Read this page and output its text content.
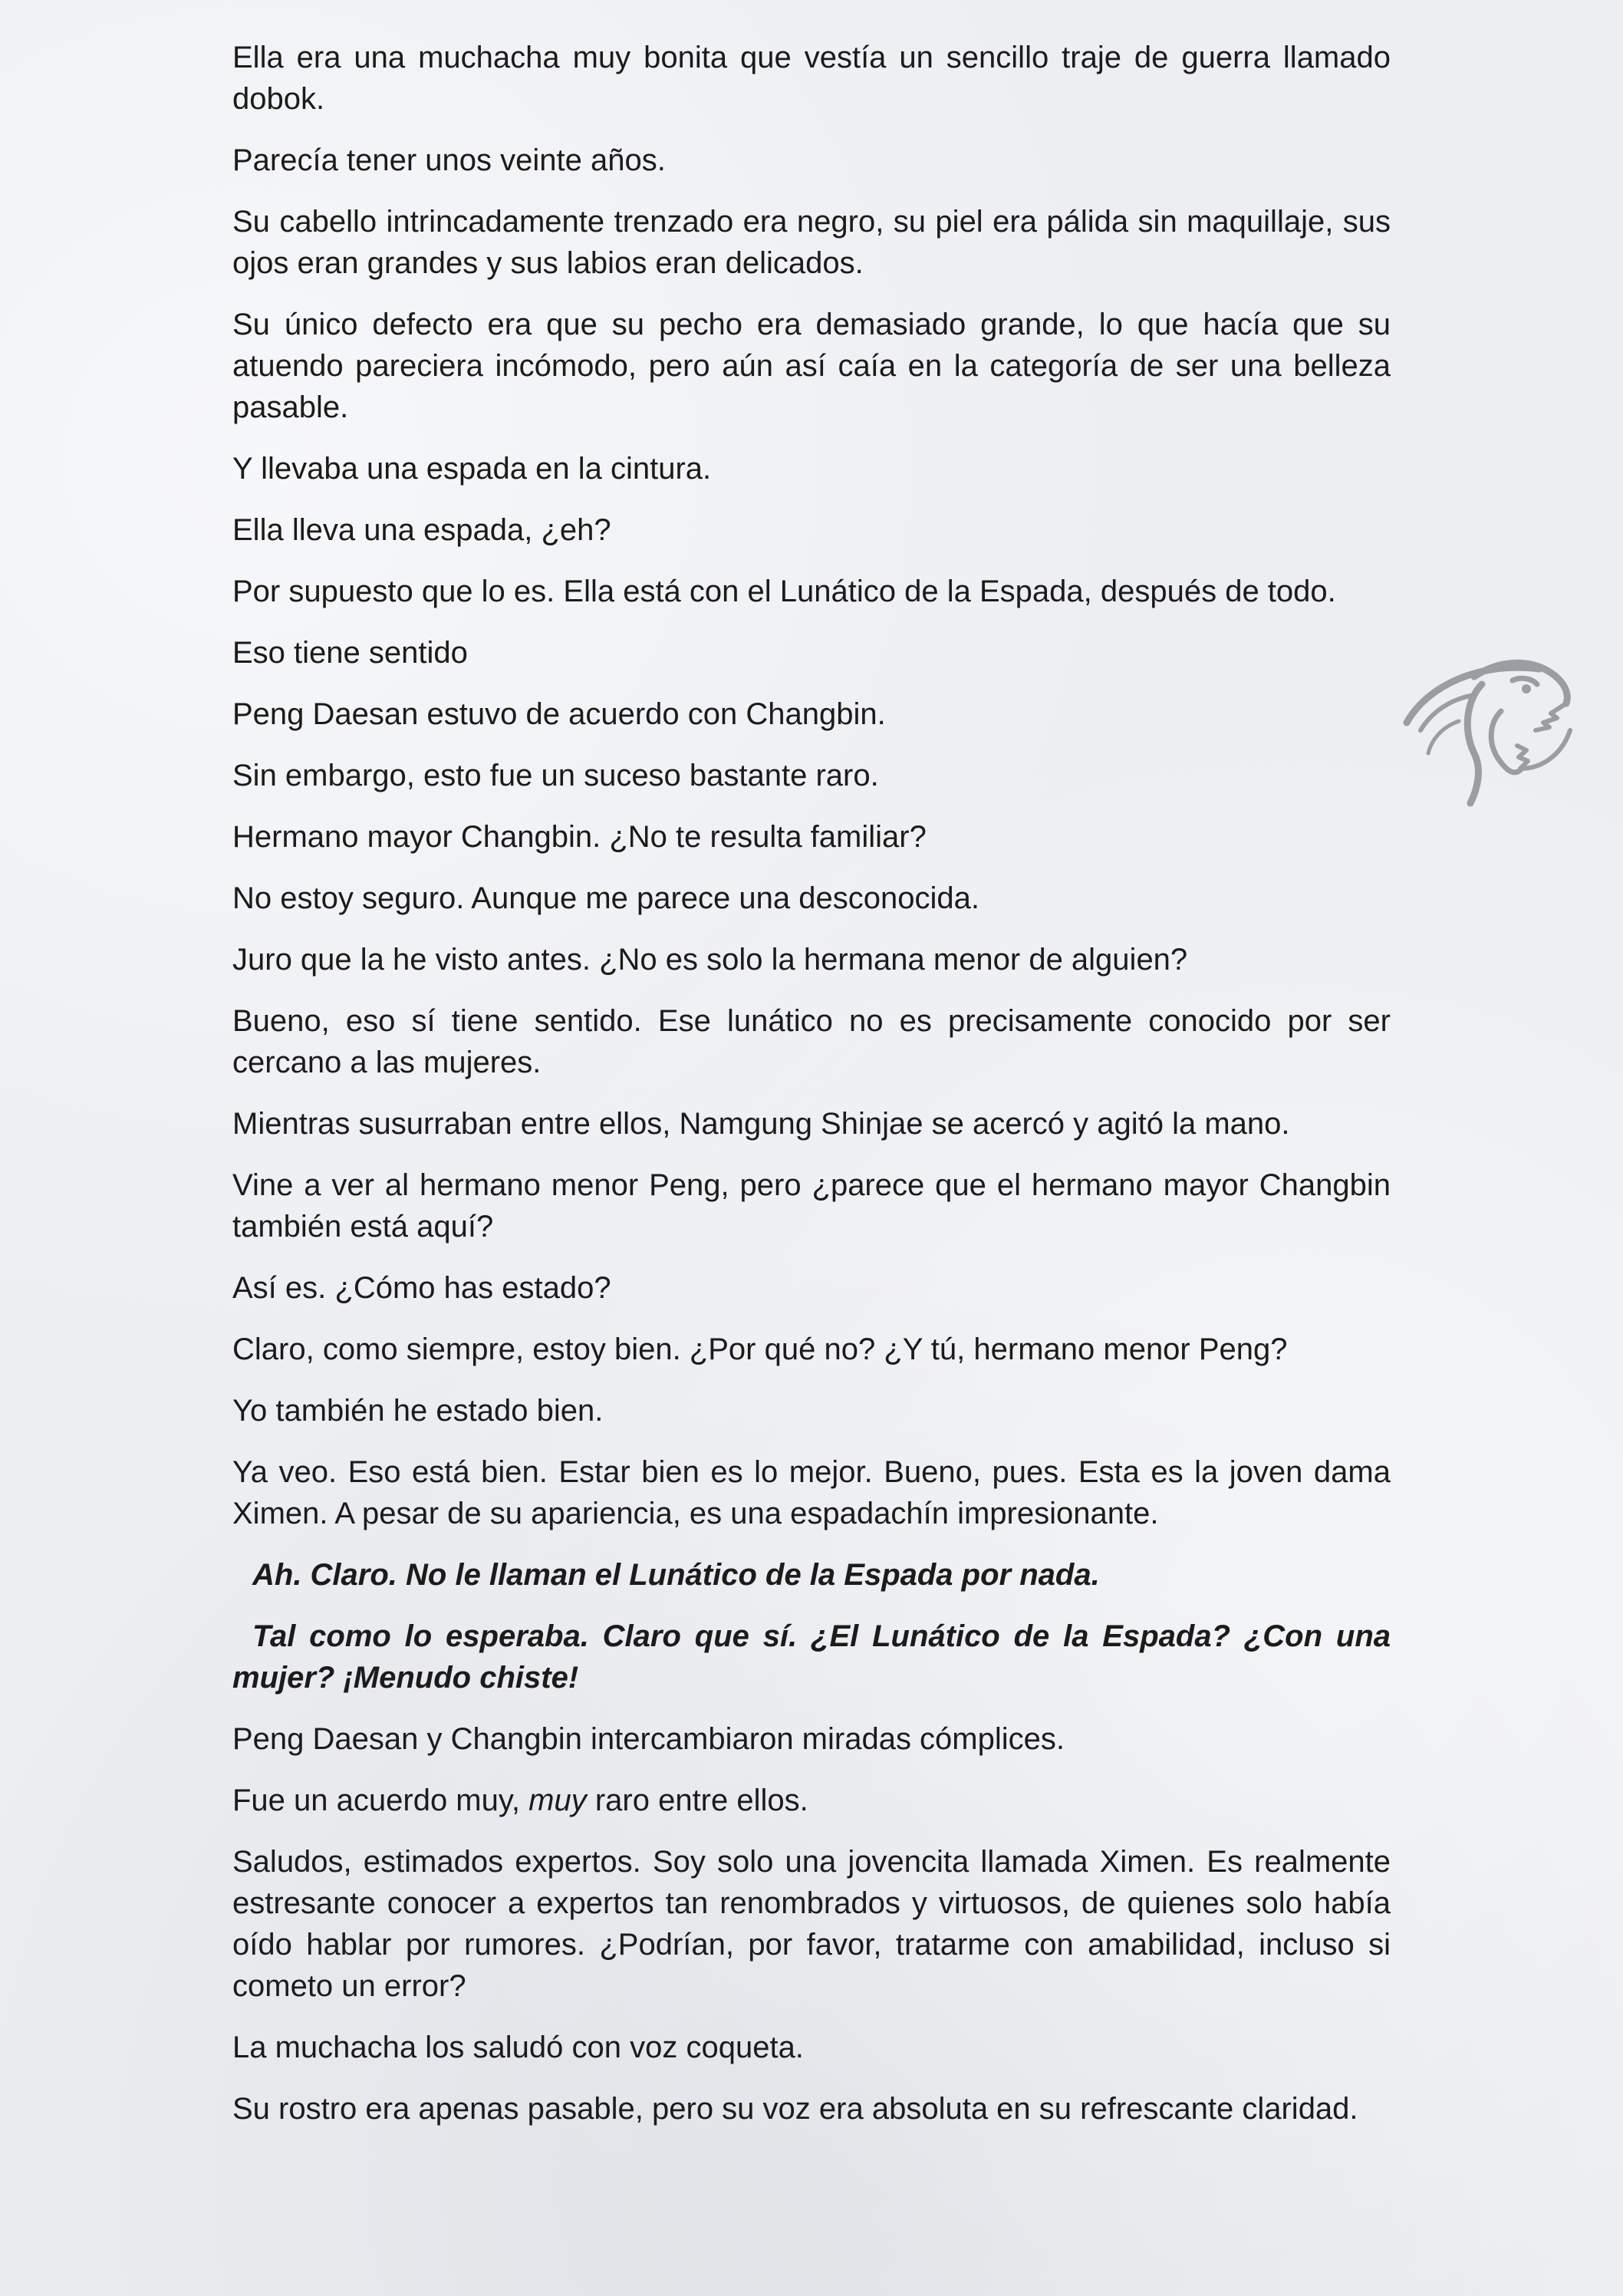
Ella era una muchacha muy bonita que vestía un sencillo traje de guerra llamado dobok.

Parecía tener unos veinte años.

Su cabello intrincadamente trenzado era negro, su piel era pálida sin maquillaje, sus ojos eran grandes y sus labios eran delicados.

Su único defecto era que su pecho era demasiado grande, lo que hacía que su atuendo pareciera incómodo, pero aún así caía en la categoría de ser una belleza pasable.

Y llevaba una espada en la cintura.

Ella lleva una espada, ¿eh?

Por supuesto que lo es. Ella está con el Lunático de la Espada, después de todo.

Eso tiene sentido

Peng Daesan estuvo de acuerdo con Changbin.

Sin embargo, esto fue un suceso bastante raro.

Hermano mayor Changbin. ¿No te resulta familiar?

No estoy seguro. Aunque me parece una desconocida.

Juro que la he visto antes. ¿No es solo la hermana menor de alguien?

Bueno, eso sí tiene sentido. Ese lunático no es precisamente conocido por ser cercano a las mujeres.

Mientras susurraban entre ellos, Namgung Shinjae se acercó y agitó la mano.

Vine a ver al hermano menor Peng, pero ¿parece que el hermano mayor Changbin también está aquí?

Así es. ¿Cómo has estado?

Claro, como siempre, estoy bien. ¿Por qué no? ¿Y tú, hermano menor Peng?

Yo también he estado bien.

Ya veo. Eso está bien. Estar bien es lo mejor. Bueno, pues. Esta es la joven dama Ximen. A pesar de su apariencia, es una espadachín impresionante.

Ah. Claro. No le llaman el Lunático de la Espada por nada.

Tal como lo esperaba. Claro que sí. ¿El Lunático de la Espada? ¿Con una mujer? ¡Menudo chiste!

Peng Daesan y Changbin intercambiaron miradas cómplices.

Fue un acuerdo muy, muy raro entre ellos.

Saludos, estimados expertos. Soy solo una jovencita llamada Ximen. Es realmente estresante conocer a expertos tan renombrados y virtuosos, de quienes solo había oído hablar por rumores. ¿Podrían, por favor, tratarme con amabilidad, incluso si cometo un error?

La muchacha los saludó con voz coqueta.

Su rostro era apenas pasable, pero su voz era absoluta en su refrescante claridad.
